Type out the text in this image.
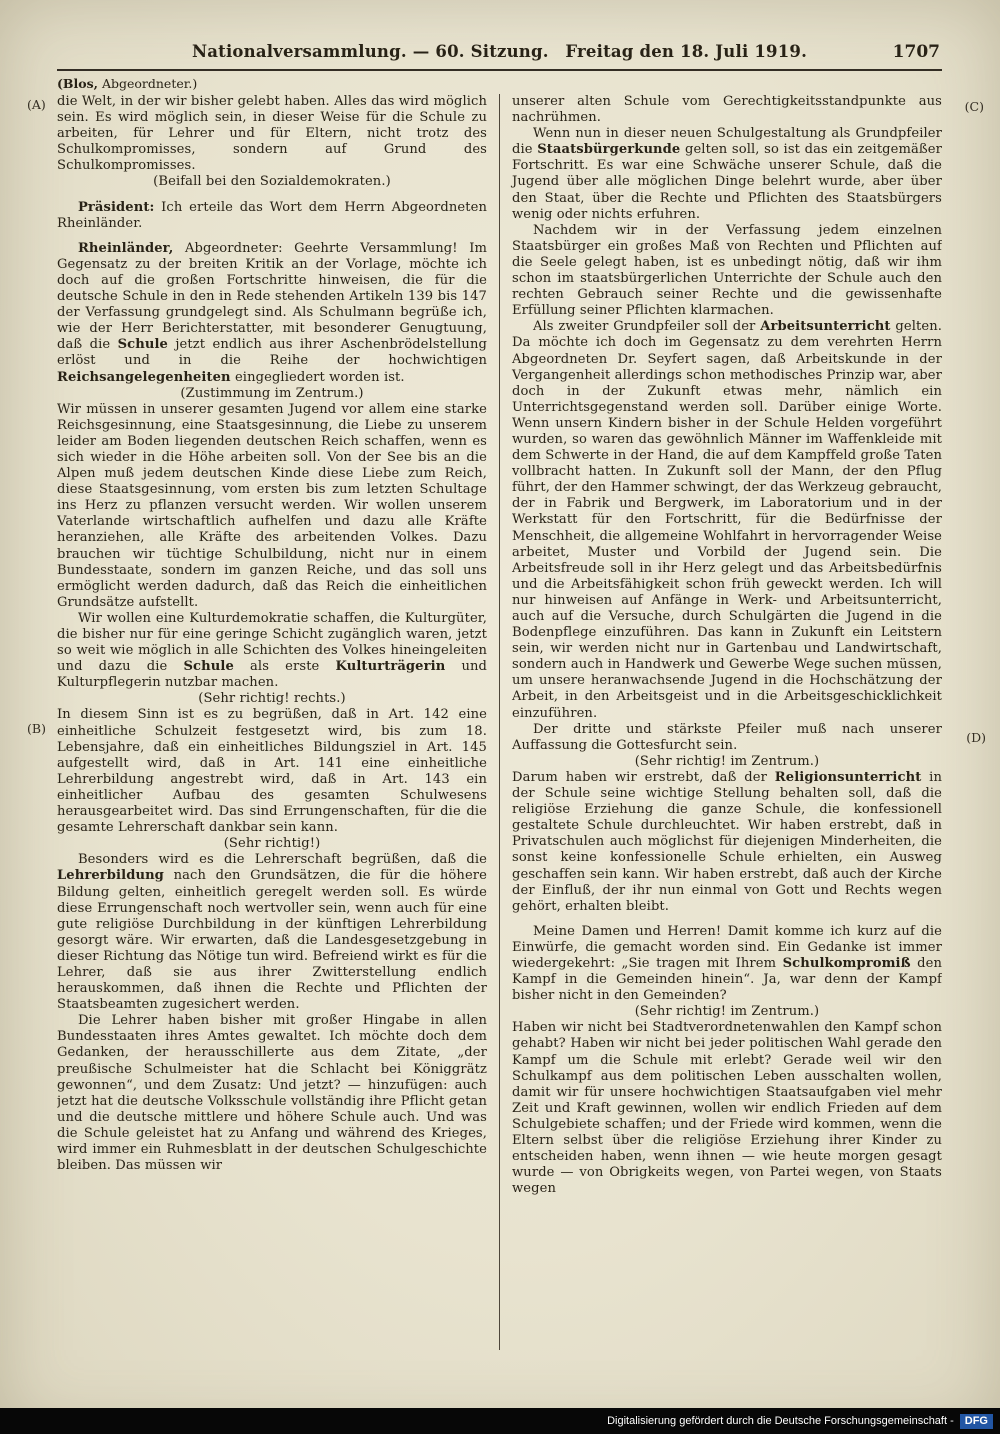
Nationalversammlung. — 60. Sitzung. Freitag den 18. Juli 1919.	1707
(Blos, Abgeordneter.)
(A)
(B)
(C)
(D)

die Welt, in der wir bisher gelebt haben. Alles das wird möglich sein. Es wird möglich sein, in dieser Weise für die Schule zu arbeiten, für Lehrer und für Eltern, nicht trotz des Schulkompromisses, sondern auf Grund des Schulkompromisses.

(Beifall bei den Sozialdemokraten.)

Präsident: Ich erteile das Wort dem Herrn Abgeordneten Rheinländer.

Rheinländer, Abgeordneter: Geehrte Versammlung! Im Gegensatz zu der breiten Kritik an der Vorlage, möchte ich doch auf die großen Fortschritte hinweisen, die für die deutsche Schule in den in Rede stehenden Artikeln 139 bis 147 der Verfassung grundgelegt sind. Als Schulmann begrüße ich, wie der Herr Berichterstatter, mit besonderer Genugtuung, daß die Schule jetzt endlich aus ihrer Aschenbrödelstellung erlöst und in die Reihe der hochwichtigen Reichsangelegenheiten eingegliedert worden ist.

(Zustimmung im Zentrum.)

Wir müssen in unserer gesamten Jugend vor allem eine starke Reichsgesinnung, eine Staatsgesinnung, die Liebe zu unserem leider am Boden liegenden deutschen Reich schaffen, wenn es sich wieder in die Höhe arbeiten soll. Von der See bis an die Alpen muß jedem deutschen Kinde diese Liebe zum Reich, diese Staatsgesinnung, vom ersten bis zum letzten Schultage ins Herz zu pflanzen versucht werden. Wir wollen unserem Vaterlande wirtschaftlich aufhelfen und dazu alle Kräfte heranziehen, alle Kräfte des arbeitenden Volkes. Dazu brauchen wir tüchtige Schulbildung, nicht nur in einem Bundesstaate, sondern im ganzen Reiche, und das soll uns ermöglicht werden dadurch, daß das Reich die einheitlichen Grundsätze aufstellt.

Wir wollen eine Kulturdemokratie schaffen, die Kulturgüter, die bisher nur für eine geringe Schicht zugänglich waren, jetzt so weit wie möglich in alle Schichten des Volkes hineingeleiten und dazu die Schule als erste Kulturträgerin und Kulturpflegerin nutzbar machen.

(Sehr richtig! rechts.)

In diesem Sinn ist es zu begrüßen, daß in Art. 142 eine einheitliche Schulzeit festgesetzt wird, bis zum 18. Lebensjahre, daß ein einheitliches Bildungsziel in Art. 145 aufgestellt wird, daß in Art. 141 eine einheitliche Lehrerbildung angestrebt wird, daß in Art. 143 ein einheitlicher Aufbau des gesamten Schulwesens herausgearbeitet wird. Das sind Errungenschaften, für die die gesamte Lehrerschaft dankbar sein kann.

(Sehr richtig!)

Besonders wird es die Lehrerschaft begrüßen, daß die Lehrerbildung nach den Grundsätzen, die für die höhere Bildung gelten, einheitlich geregelt werden soll. Es würde diese Errungenschaft noch wertvoller sein, wenn auch für eine gute religiöse Durchbildung in der künftigen Lehrerbildung gesorgt wäre. Wir erwarten, daß die Landesgesetzgebung in dieser Richtung das Nötige tun wird. Befreiend wirkt es für die Lehrer, daß sie aus ihrer Zwitterstellung endlich herauskommen, daß ihnen die Rechte und Pflichten der Staatsbeamten zugesichert werden.

Die Lehrer haben bisher mit großer Hingabe in allen Bundesstaaten ihres Amtes gewaltet. Ich möchte doch dem Gedanken, der herausschillerte aus dem Zitate, „der preußische Schulmeister hat die Schlacht bei Königgrätz gewonnen“, und dem Zusatz: Und jetzt? — hinzufügen: auch jetzt hat die deutsche Volksschule vollständig ihre Pflicht getan und die deutsche mittlere und höhere Schule auch. Und was die Schule geleistet hat zu Anfang und während des Krieges, wird immer ein Ruhmesblatt in der deutschen Schulgeschichte bleiben. Das müssen wir

unserer alten Schule vom Gerechtigkeitsstandpunkte aus nachrühmen.

Wenn nun in dieser neuen Schulgestaltung als Grundpfeiler die Staatsbürgerkunde gelten soll, so ist das ein zeitgemäßer Fortschritt. Es war eine Schwäche unserer Schule, daß die Jugend über alle möglichen Dinge belehrt wurde, aber über den Staat, über die Rechte und Pflichten des Staatsbürgers wenig oder nichts erfuhren.

Nachdem wir in der Verfassung jedem einzelnen Staatsbürger ein großes Maß von Rechten und Pflichten auf die Seele gelegt haben, ist es unbedingt nötig, daß wir ihm schon im staatsbürgerlichen Unterrichte der Schule auch den rechten Gebrauch seiner Rechte und die gewissenhafte Erfüllung seiner Pflichten klarmachen.

Als zweiter Grundpfeiler soll der Arbeitsunterricht gelten. Da möchte ich doch im Gegensatz zu dem verehrten Herrn Abgeordneten Dr. Seyfert sagen, daß Arbeitskunde in der Vergangenheit allerdings schon methodisches Prinzip war, aber doch in der Zukunft etwas mehr, nämlich ein Unterrichtsgegenstand werden soll. Darüber einige Worte. Wenn unsern Kindern bisher in der Schule Helden vorgeführt wurden, so waren das gewöhnlich Männer im Waffenkleide mit dem Schwerte in der Hand, die auf dem Kampffeld große Taten vollbracht hatten. In Zukunft soll der Mann, der den Pflug führt, der den Hammer schwingt, der das Werkzeug gebraucht, der in Fabrik und Bergwerk, im Laboratorium und in der Werkstatt für den Fortschritt, für die Bedürfnisse der Menschheit, die allgemeine Wohlfahrt in hervorragender Weise arbeitet, Muster und Vorbild der Jugend sein. Die Arbeitsfreude soll in ihr Herz gelegt und das Arbeitsbedürfnis und die Arbeitsfähigkeit schon früh geweckt werden. Ich will nur hinweisen auf Anfänge in Werk- und Arbeitsunterricht, auch auf die Versuche, durch Schulgärten die Jugend in die Bodenpflege einzuführen. Das kann in Zukunft ein Leitstern sein, wir werden nicht nur in Gartenbau und Landwirtschaft, sondern auch in Handwerk und Gewerbe Wege suchen müssen, um unsere heranwachsende Jugend in die Hochschätzung der Arbeit, in den Arbeitsgeist und in die Arbeitsgeschicklichkeit einzuführen.

Der dritte und stärkste Pfeiler muß nach unserer Auffassung die Gottesfurcht sein.

(Sehr richtig! im Zentrum.)

Darum haben wir erstrebt, daß der Religionsunterricht in der Schule seine wichtige Stellung behalten soll, daß die religiöse Erziehung die ganze Schule, die konfessionell gestaltete Schule durchleuchtet. Wir haben erstrebt, daß in Privatschulen auch möglichst für diejenigen Minderheiten, die sonst keine konfessionelle Schule erhielten, ein Ausweg geschaffen sein kann. Wir haben erstrebt, daß auch der Kirche der Einfluß, der ihr nun einmal von Gott und Rechts wegen gehört, erhalten bleibt.

Meine Damen und Herren! Damit komme ich kurz auf die Einwürfe, die gemacht worden sind. Ein Gedanke ist immer wiedergekehrt: „Sie tragen mit Ihrem Schulkompromiß den Kampf in die Gemeinden hinein“. Ja, war denn der Kampf bisher nicht in den Gemeinden?

(Sehr richtig! im Zentrum.)

Haben wir nicht bei Stadtverordnetenwahlen den Kampf schon gehabt? Haben wir nicht bei jeder politischen Wahl gerade den Kampf um die Schule mit erlebt? Gerade weil wir den Schulkampf aus dem politischen Leben ausschalten wollen, damit wir für unsere hochwichtigen Staatsaufgaben viel mehr Zeit und Kraft gewinnen, wollen wir endlich Frieden auf dem Schulgebiete schaffen; und der Friede wird kommen, wenn die Eltern selbst über die religiöse Erziehung ihrer Kinder zu entscheiden haben, wenn ihnen — wie heute morgen gesagt wurde — von Obrigkeits wegen, von Partei wegen, von Staats wegen

Digitalisierung gefördert durch die Deutsche Forschungsgemeinschaft -	DFG
